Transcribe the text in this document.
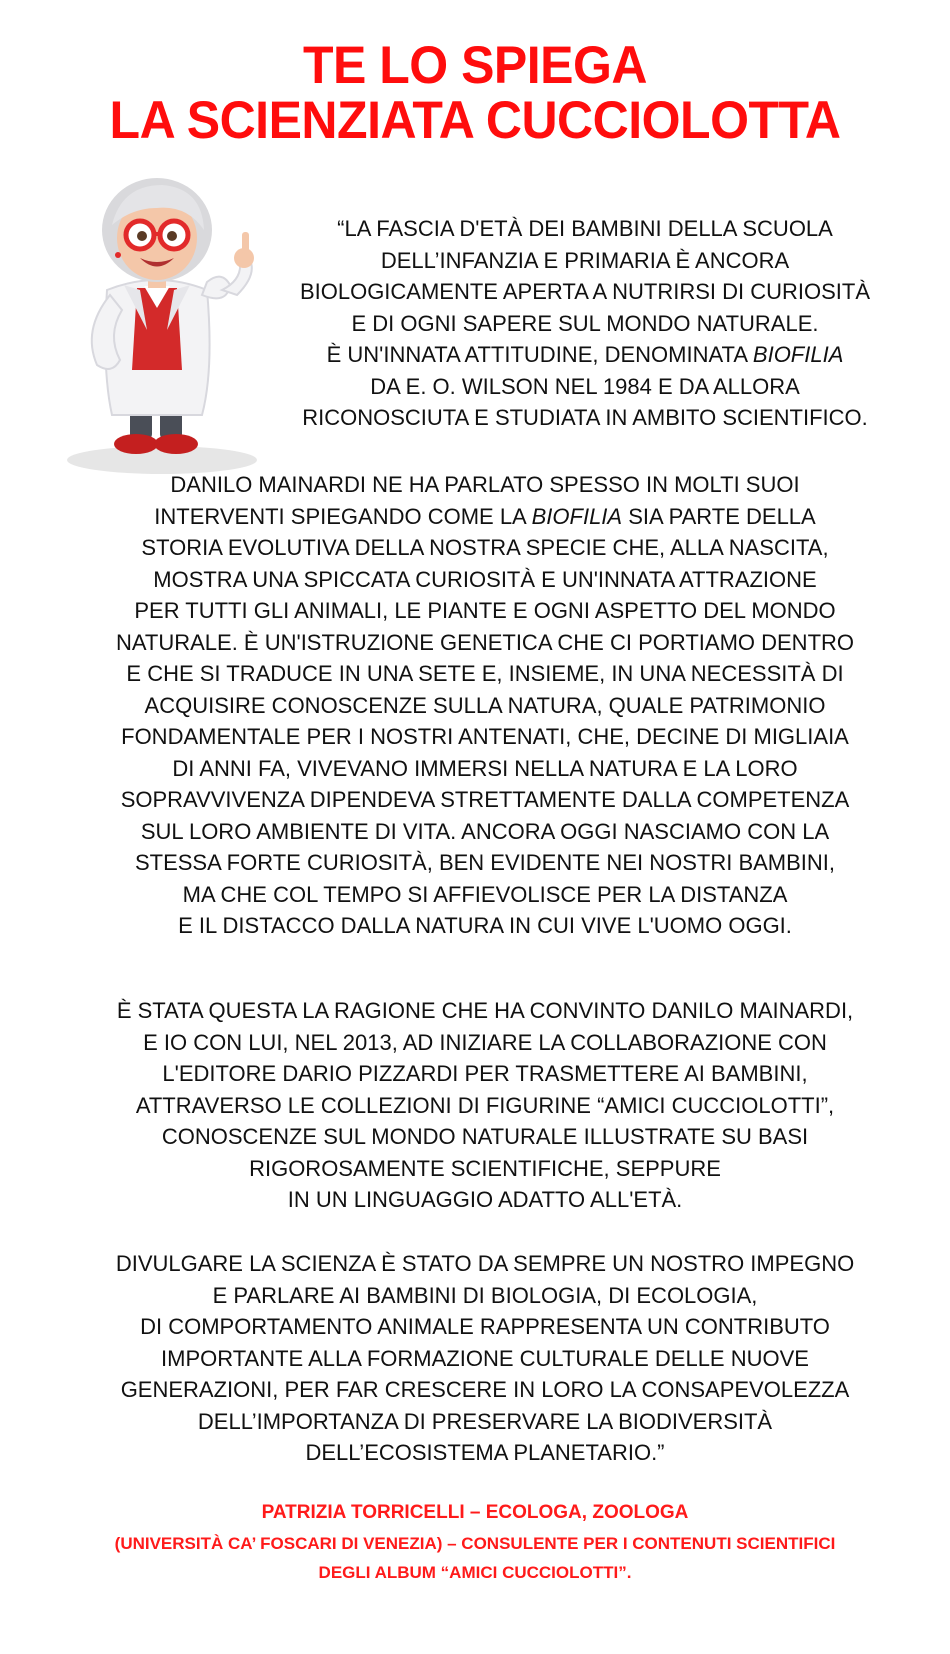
TE LO SPIEGA
LA SCIENZIATA CUCCIOLOTTA
“LA FASCIA D'ETÀ DEI BAMBINI DELLA SCUOLA
DELL’INFANZIA E PRIMARIA È ANCORA
BIOLOGICAMENTE APERTA A NUTRIRSI DI CURIOSITÀ
E DI OGNI SAPERE SUL MONDO NATURALE.
È UN'INNATA ATTITUDINE, DENOMINATA BIOFILIA
DA E. O. WILSON NEL 1984 E DA ALLORA
RICONOSCIUTA E STUDIATA IN AMBITO SCIENTIFICO.
DANILO MAINARDI NE HA PARLATO SPESSO IN MOLTI SUOI
INTERVENTI SPIEGANDO COME LA BIOFILIA SIA PARTE DELLA
STORIA EVOLUTIVA DELLA NOSTRA SPECIE CHE, ALLA NASCITA,
MOSTRA UNA SPICCATA CURIOSITÀ E UN'INNATA ATTRAZIONE
PER TUTTI GLI ANIMALI, LE PIANTE E OGNI ASPETTO DEL MONDO
NATURALE. È UN'ISTRUZIONE GENETICA CHE CI PORTIAMO DENTRO
E CHE SI TRADUCE IN UNA SETE E, INSIEME, IN UNA NECESSITÀ DI
ACQUISIRE CONOSCENZE SULLA NATURA, QUALE PATRIMONIO
FONDAMENTALE PER I NOSTRI ANTENATI, CHE, DECINE DI MIGLIAIA
DI ANNI FA, VIVEVANO IMMERSI NELLA NATURA E LA LORO
SOPRAVVIVENZA DIPENDEVA STRETTAMENTE DALLA COMPETENZA
SUL LORO AMBIENTE DI VITA. ANCORA OGGI NASCIAMO CON LA
STESSA FORTE CURIOSITÀ, BEN EVIDENTE NEI NOSTRI BAMBINI,
MA CHE COL TEMPO SI AFFIEVOLISCE PER LA DISTANZA
E IL DISTACCO DALLA NATURA IN CUI VIVE L'UOMO OGGI.
È STATA QUESTA LA RAGIONE CHE HA CONVINTO DANILO MAINARDI,
E IO CON LUI, NEL 2013, AD INIZIARE LA COLLABORAZIONE CON
L'EDITORE DARIO PIZZARDI PER TRASMETTERE AI BAMBINI,
ATTRAVERSO LE COLLEZIONI DI FIGURINE “AMICI CUCCIOLOTTI”,
CONOSCENZE SUL MONDO NATURALE ILLUSTRATE SU BASI
RIGOROSAMENTE SCIENTIFICHE, SEPPURE
IN UN LINGUAGGIO ADATTO ALL'ETÀ.
DIVULGARE LA SCIENZA È STATO DA SEMPRE UN NOSTRO IMPEGNO
E PARLARE AI BAMBINI DI BIOLOGIA, DI ECOLOGIA,
DI COMPORTAMENTO ANIMALE RAPPRESENTA UN CONTRIBUTO
IMPORTANTE ALLA FORMAZIONE CULTURALE DELLE NUOVE
GENERAZIONI, PER FAR CRESCERE IN LORO LA CONSAPEVOLEZZA
DELL’IMPORTANZA DI PRESERVARE LA BIODIVERSITÀ
DELL’ECOSISTEMA PLANETARIO.”
PATRIZIA TORRICELLI – ECOLOGA, ZOOLOGA
(UNIVERSITÀ CA’ FOSCARI DI VENEZIA) – CONSULENTE PER I CONTENUTI SCIENTIFICI
DEGLI ALBUM “AMICI CUCCIOLOTTI”.
